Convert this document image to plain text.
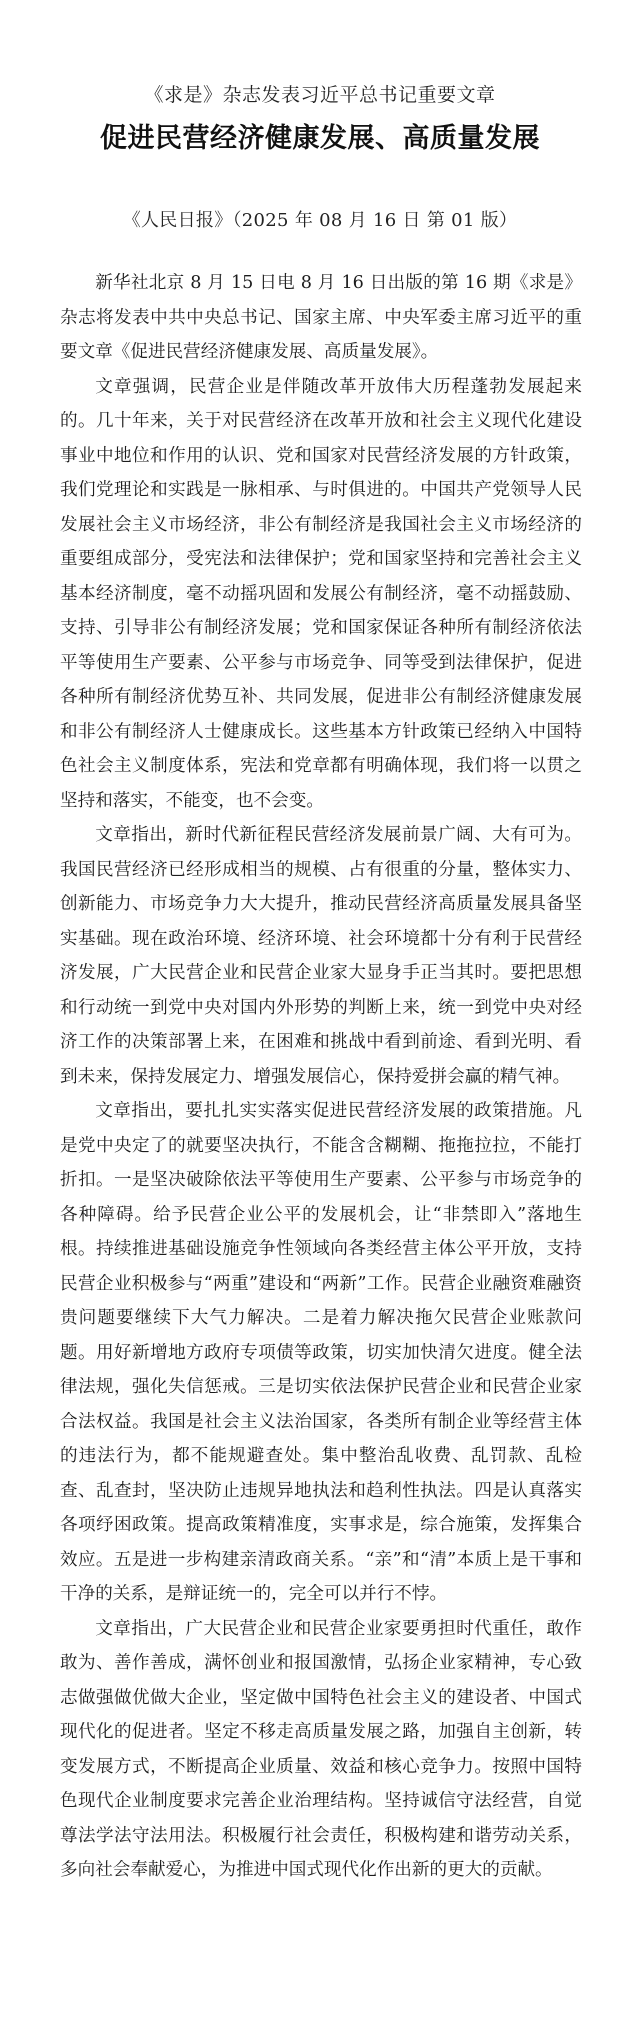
《求是》杂志发表习近平总书记重要文章
促进民营经济健康发展、高质量发展
《人民日报》（2025 年 08 月 16 日 第 01 版）

新华社北京 8 月 15 日电 8 月 16 日出版的第 16 期《求是》杂志将发表中共中央总书记、国家主席、中央军委主席习近平的重要文章《促进民营经济健康发展、高质量发展》。

文章强调，民营企业是伴随改革开放伟大历程蓬勃发展起来的。几十年来，关于对民营经济在改革开放和社会主义现代化建设事业中地位和作用的认识、党和国家对民营经济发展的方针政策，我们党理论和实践是一脉相承、与时俱进的。中国共产党领导人民发展社会主义市场经济，非公有制经济是我国社会主义市场经济的重要组成部分，受宪法和法律保护；党和国家坚持和完善社会主义基本经济制度，毫不动摇巩固和发展公有制经济，毫不动摇鼓励、支持、引导非公有制经济发展；党和国家保证各种所有制经济依法平等使用生产要素、公平参与市场竞争、同等受到法律保护，促进各种所有制经济优势互补、共同发展，促进非公有制经济健康发展和非公有制经济人士健康成长。这些基本方针政策已经纳入中国特色社会主义制度体系，宪法和党章都有明确体现，我们将一以贯之坚持和落实，不能变，也不会变。

文章指出，新时代新征程民营经济发展前景广阔、大有可为。我国民营经济已经形成相当的规模、占有很重的分量，整体实力、创新能力、市场竞争力大大提升，推动民营经济高质量发展具备坚实基础。现在政治环境、经济环境、社会环境都十分有利于民营经济发展，广大民营企业和民营企业家大显身手正当其时。要把思想和行动统一到党中央对国内外形势的判断上来，统一到党中央对经济工作的决策部署上来，在困难和挑战中看到前途、看到光明、看到未来，保持发展定力、增强发展信心，保持爱拼会赢的精气神。

文章指出，要扎扎实实落实促进民营经济发展的政策措施。凡是党中央定了的就要坚决执行，不能含含糊糊、拖拖拉拉，不能打折扣。一是坚决破除依法平等使用生产要素、公平参与市场竞争的各种障碍。给予民营企业公平的发展机会，让“非禁即入”落地生根。持续推进基础设施竞争性领域向各类经营主体公平开放，支持民营企业积极参与“两重”建设和“两新”工作。民营企业融资难融资贵问题要继续下大气力解决。二是着力解决拖欠民营企业账款问题。用好新增地方政府专项债等政策，切实加快清欠进度。健全法律法规，强化失信惩戒。三是切实依法保护民营企业和民营企业家合法权益。我国是社会主义法治国家，各类所有制企业等经营主体的违法行为，都不能规避查处。集中整治乱收费、乱罚款、乱检查、乱查封，坚决防止违规异地执法和趋利性执法。四是认真落实各项纾困政策。提高政策精准度，实事求是，综合施策，发挥集合效应。五是进一步构建亲清政商关系。“亲”和“清”本质上是干事和干净的关系，是辩证统一的，完全可以并行不悖。

文章指出，广大民营企业和民营企业家要勇担时代重任，敢作敢为、善作善成，满怀创业和报国激情，弘扬企业家精神，专心致志做强做优做大企业，坚定做中国特色社会主义的建设者、中国式现代化的促进者。坚定不移走高质量发展之路，加强自主创新，转变发展方式，不断提高企业质量、效益和核心竞争力。按照中国特色现代企业制度要求完善企业治理结构。坚持诚信守法经营，自觉尊法学法守法用法。积极履行社会责任，积极构建和谐劳动关系，多向社会奉献爱心，为推进中国式现代化作出新的更大的贡献。
